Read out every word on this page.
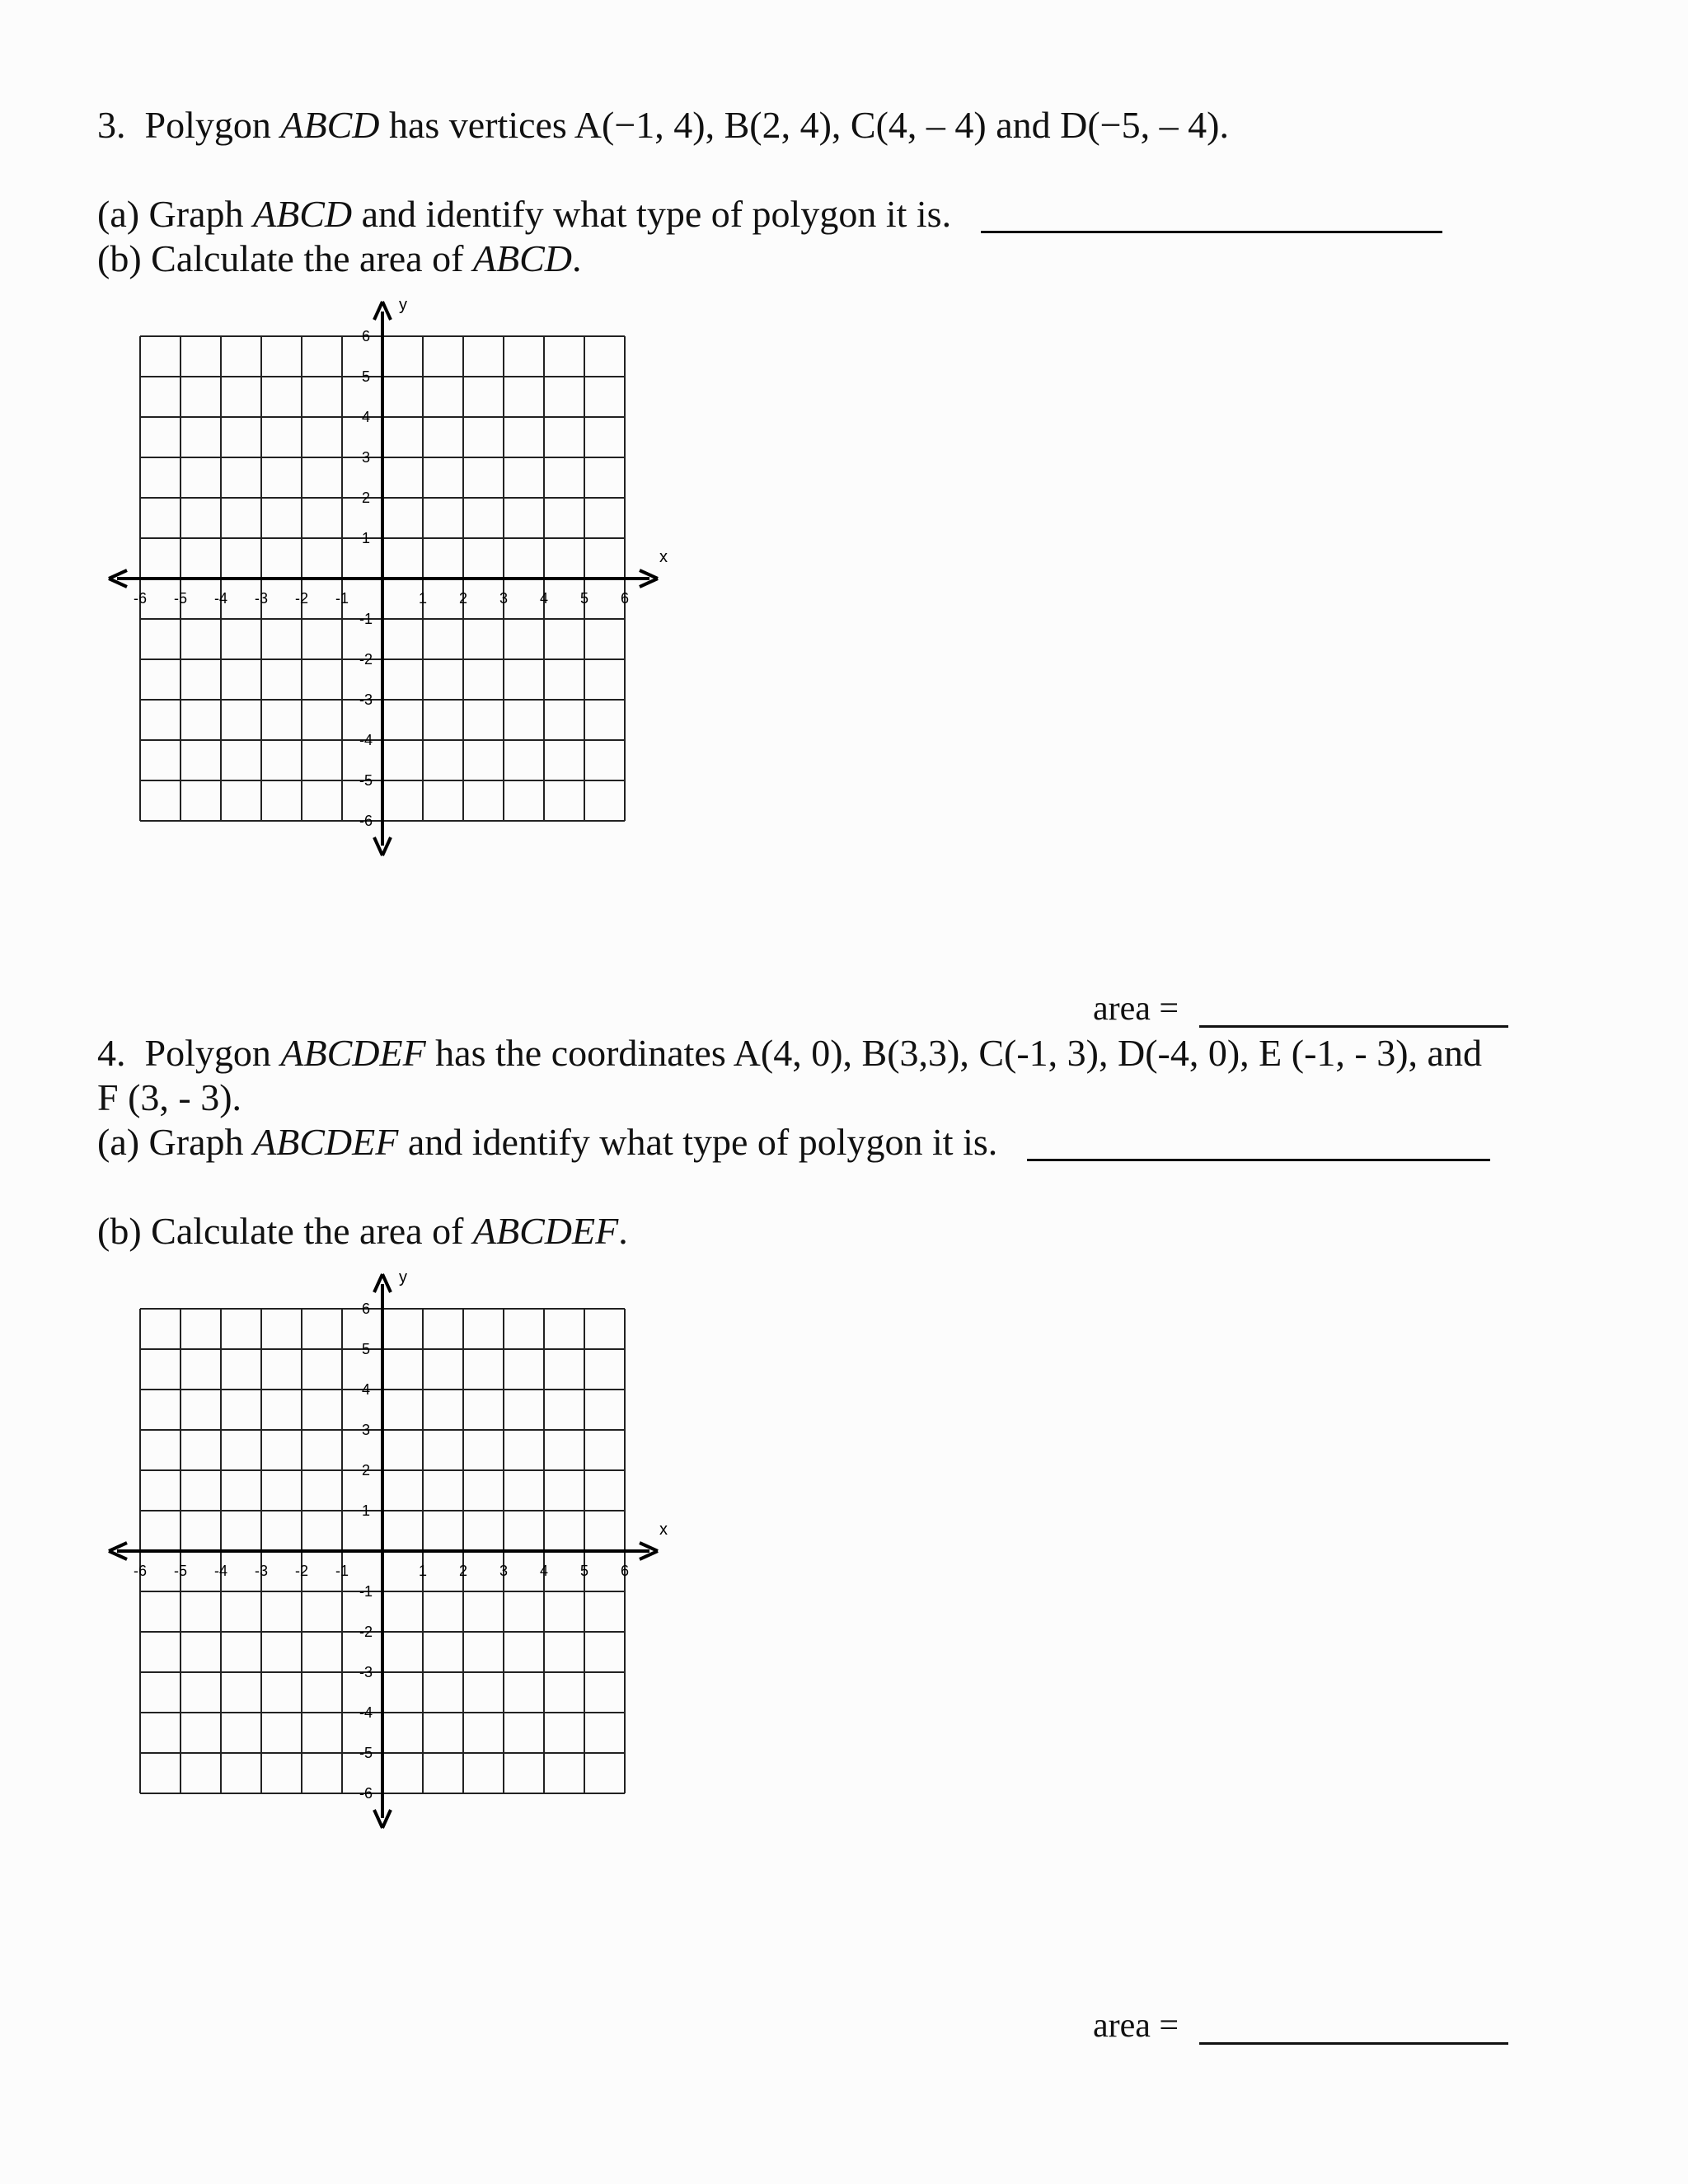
3. Polygon ABCD has vertices A(−1, 4), B(2, 4), C(4, – 4) and D(−5, – 4).
(a) Graph ABCD and identify what type of polygon it is.
(b) Calculate the area of ABCD.
x
y
-6 -5 -4 -3 -2 -1	1 2 3 4 5 6
6
5
4
3
2
1
-1
-2
-3
-4
-5
-6
area =
4. Polygon ABCDEF has the coordinates A(4, 0), B(3,3), C(-1, 3), D(-4, 0), E (-1, - 3), and
F (3, - 3).
(a) Graph ABCDEF and identify what type of polygon it is.
(b) Calculate the area of ABCDEF.
x
y
-6 -5 -4 -3 -2 -1	1 2 3 4 5 6
6
5
4
3
2
1
-1
-2
-3
-4
-5
-6
area =
